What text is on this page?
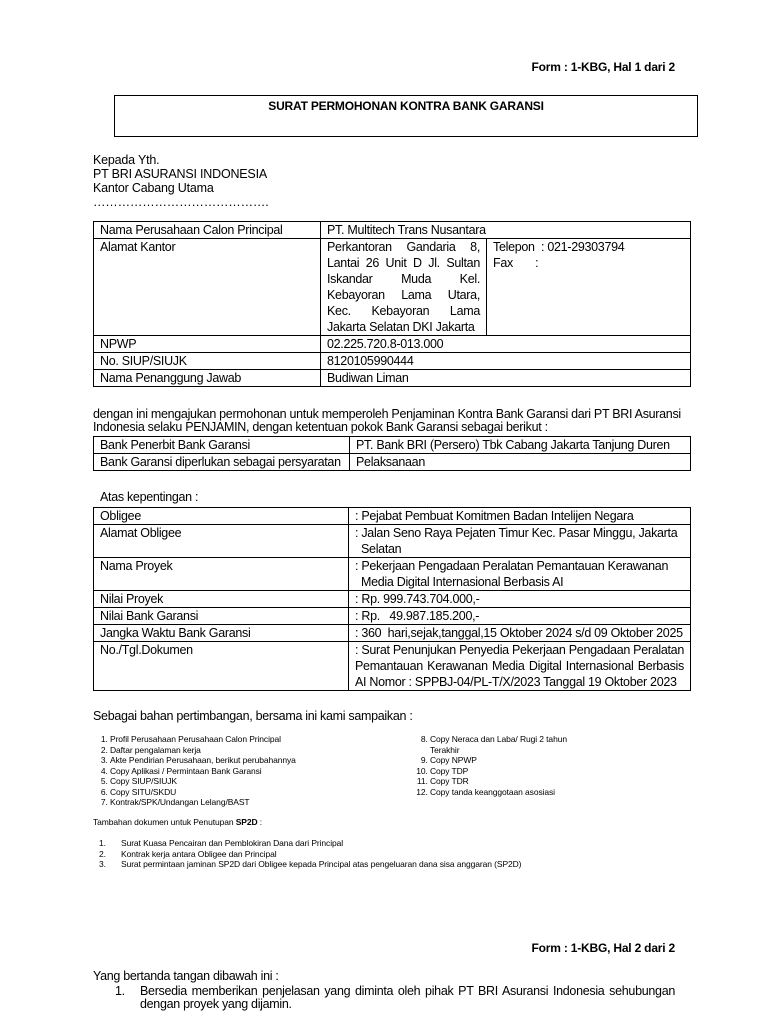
Form : 1-KBG, Hal 1 dari 2
SURAT PERMOHONAN KONTRA BANK GARANSI
Kepada Yth.
PT BRI ASURANSI INDONESIA
Kantor Cabang Utama
…………………………………….
Nama Perusahaan Calon Principal	PT. Multitech Trans Nusantara	
Alamat Kantor	Perkantoran Gandaria 8, Lantai 26 Unit D Jl. Sultan Iskandar Muda Kel. Kebayoran Lama Utara, Kec. Kebayoran Lama Jakarta Selatan DKI Jakarta	Telepon  : 021-29303794
Fax       :

NPWP	02.225.720.8-013.000	
No. SIUP/SIUJK	8120105990444	
Nama Penanggung Jawab	Budiwan Liman	
dengan ini mengajukan permohonan untuk memperoleh Penjaminan Kontra Bank Garansi dari PT BRI Asuransi Indonesia selaku PENJAMIN, dengan ketentuan pokok Bank Garansi sebagai berikut :
Bank Penerbit Bank Garansi	PT. Bank BRI (Persero) Tbk Cabang Jakarta Tanjung Duren
Bank Garansi diperlukan sebagai persyaratan	Pelaksanaan
Atas kepentingan :
Obligee	: Pejabat Pembuat Komitmen Badan Intelijen Negara
Alamat Obligee	: Jalan Seno Raya Pejaten Timur Kec. Pasar Minggu, Jakarta Selatan

Nama Proyek	: Pekerjaan Pengadaan Peralatan Pemantauan Kerawanan Media Digital Internasional Berbasis AI

Nilai Proyek	: Rp. 999.743.704.000,-
Nilai Bank Garansi	: Rp.   49.987.185.200,-
Jangka Waktu Bank Garansi	: 360  hari,sejak,tanggal,15 Oktober 2024 s/d 09 Oktober 2025
No./Tgl.Dokumen	: Surat Penunjukan Penyedia Pekerjaan Pengadaan Peralatan Pemantauan Kerawanan Media Digital Internasional Berbasis AI Nomor : SPPBJ-04/PL-T/X/2023 Tanggal 19 Oktober 2023
Sebagai bahan pertimbangan, bersama ini kami sampaikan :
1. Profil Perusahaan Perusahaan Calon Principal
2. Daftar pengalaman kerja
3. Akte Pendirian Perusahaan, berikut perubahannya
4. Copy Aplikasi / Permintaan Bank Garansi
5. Copy SIUP/SIUJK
6. Copy SITU/SKDU
7. Kontrak/SPK/Undangan Lelang/BAST
8. Copy Neraca dan Laba/ Rugi 2 tahun Terakhir
9. Copy NPWP
10. Copy TDP
11. Copy TDR
12. Copy tanda keanggotaan asosiasi
Tambahan dokumen untuk Penutupan SP2D :
1.	Surat Kuasa Pencairan dan Pemblokiran Dana dari Principal
2.	Kontrak kerja antara Obligee dan Principal
3.	Surat permintaan jaminan SP2D dari Obligee kepada Principal atas pengeluaran dana sisa anggaran (SP2D)
Form : 1-KBG, Hal 2 dari 2
Yang bertanda tangan dibawah ini :
1.	Bersedia memberikan penjelasan yang diminta oleh pihak PT BRI Asuransi Indonesia sehubungan dengan proyek yang dijamin.
